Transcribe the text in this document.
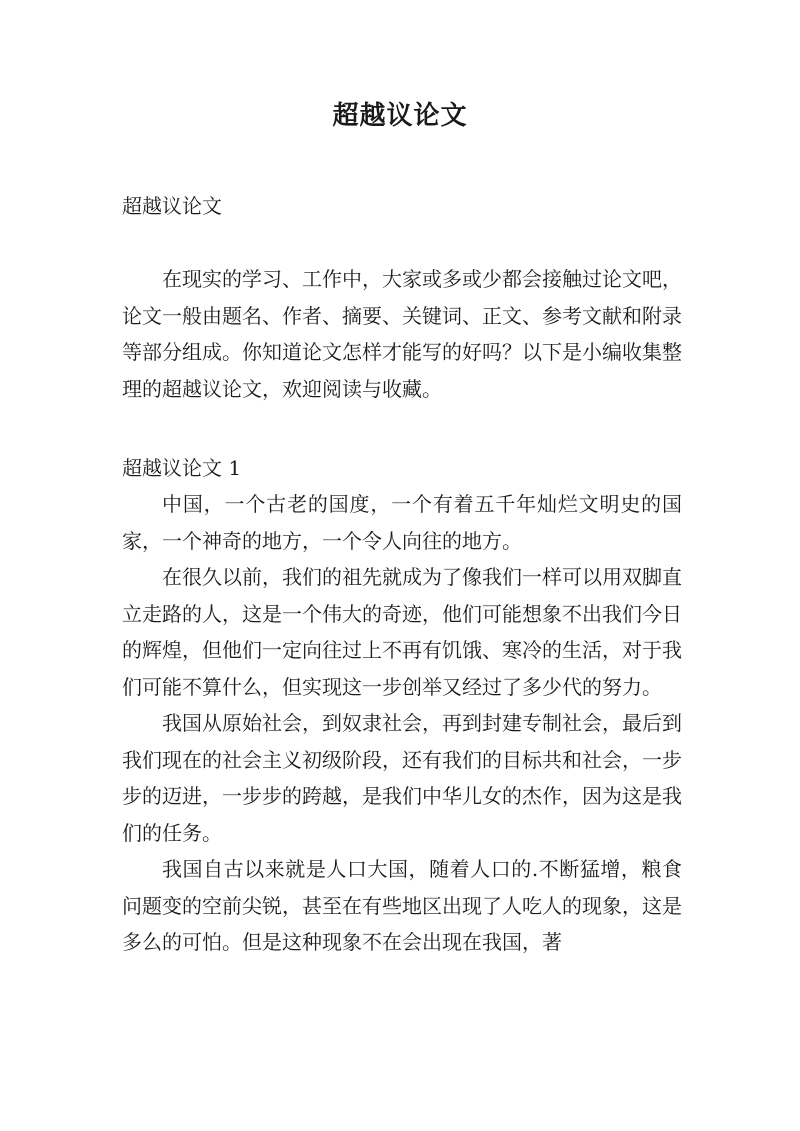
超越议论文
超越议论文

在现实的学习、工作中，大家或多或少都会接触过论文吧，论文一般由题名、作者、摘要、关键词、正文、参考文献和附录等部分组成。你知道论文怎样才能写的好吗？以下是小编收集整理的超越议论文，欢迎阅读与收藏。

超越议论文 1

中国，一个古老的国度，一个有着五千年灿烂文明史的国家，一个神奇的地方，一个令人向往的地方。

在很久以前，我们的祖先就成为了像我们一样可以用双脚直立走路的人，这是一个伟大的奇迹，他们可能想象不出我们今日的辉煌，但他们一定向往过上不再有饥饿、寒冷的生活，对于我们可能不算什么，但实现这一步创举又经过了多少代的努力。

我国从原始社会，到奴隶社会，再到封建专制社会，最后到我们现在的社会主义初级阶段，还有我们的目标共和社会，一步步的迈进，一步步的跨越，是我们中华儿女的杰作，因为这是我们的任务。

我国自古以来就是人口大国，随着人口的.不断猛增，粮食问题变的空前尖锐，甚至在有些地区出现了人吃人的现象，这是多么的可怕。但是这种现象不在会出现在我国，著
